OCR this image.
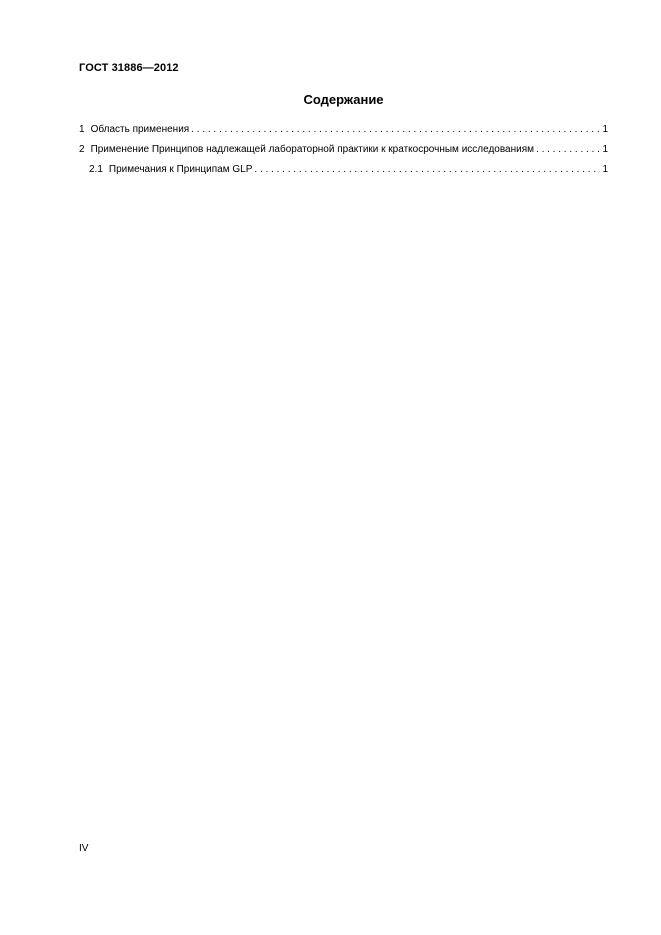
ГОСТ 31886—2012
Содержание
1 Область применения . . .	1
2 Применение Принципов надлежащей лабораторной практики к краткосрочным исследованиям . . .	1
2.1 Примечания к Принципам GLP . . .	1
IV
